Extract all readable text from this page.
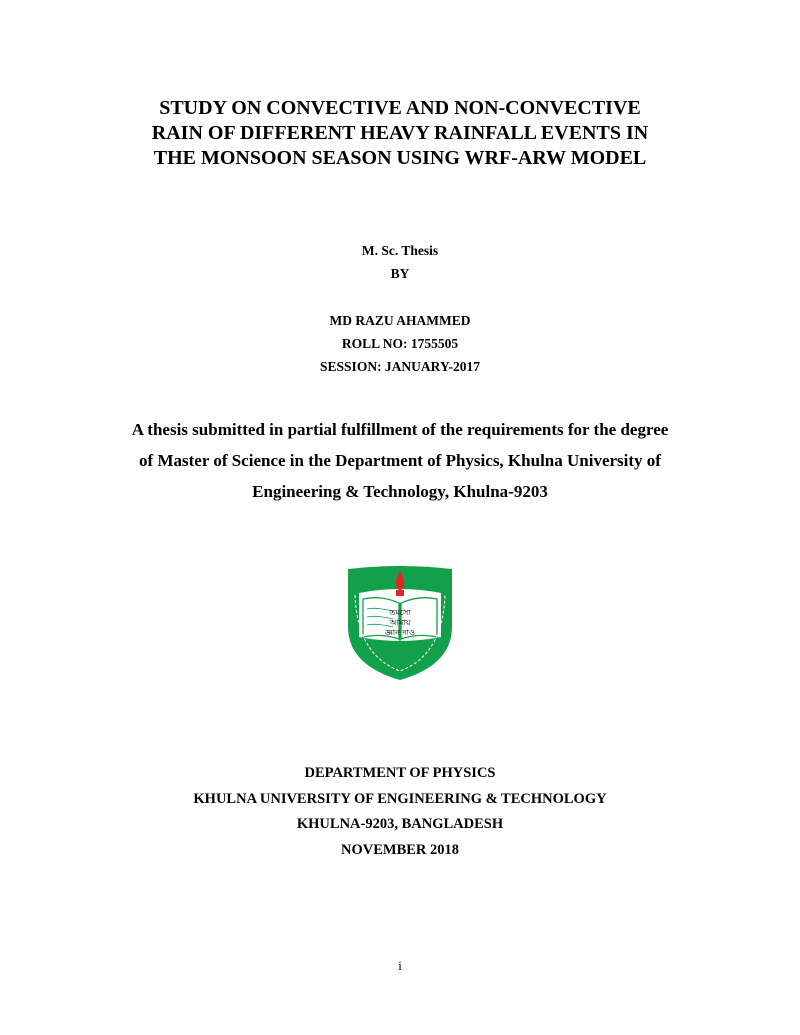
STUDY ON CONVECTIVE AND NON-CONVECTIVE
RAIN OF DIFFERENT HEAVY RAINFALL EVENTS IN
THE MONSOON SEASON USING WRF-ARW MODEL
M. Sc. Thesis
BY
MD RAZU AHAMMED
ROLL NO: 1755505
SESSION: JANUARY-2017
A thesis submitted in partial fulfillment of the requirements for the degree
of Master of Science in the Department of Physics, Khulna University of
Engineering & Technology, Khulna-9203
তমসো
আমায়
জ্ঞান দাও
DEPARTMENT OF PHYSICS
KHULNA UNIVERSITY OF ENGINEERING & TECHNOLOGY
KHULNA-9203, BANGLADESH
NOVEMBER 2018
i
